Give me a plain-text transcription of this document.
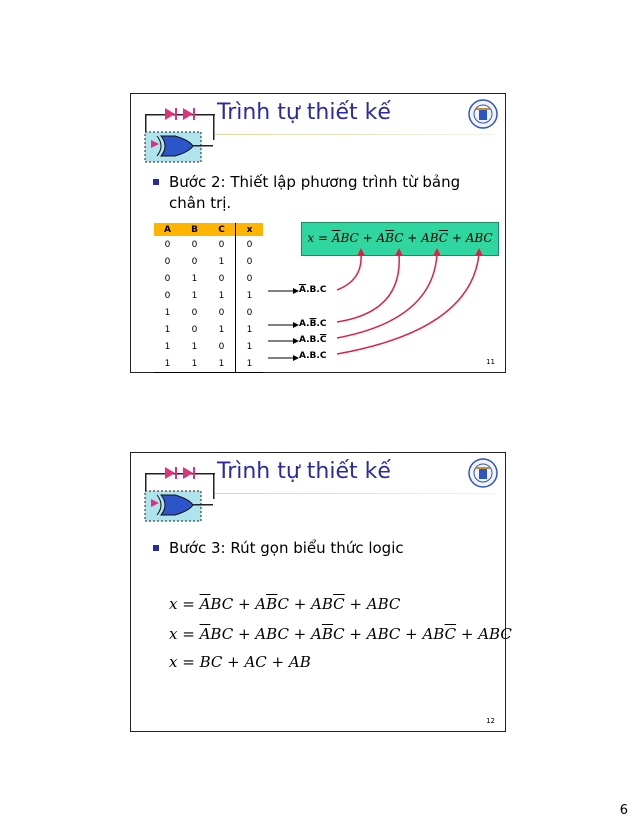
Trình tự thiết kế
Bước 2: Thiết lập phương trình từ bảng chân trị.
A	B	C	x
0	0	0	0
0	0	1	0
0	1	0	0
0	1	1	1
1	0	0	0
1	0	1	1
1	1	0	1
1	1	1	1
$x = \overline{A}BC + A\overline{B}C + AB\overline{C}$ + ABC
$\overline{A}.B.C$
$A.\overline{B}.C$
$A.B.\overline{C}$
A.B.C
11
Trình tự thiết kế
Bước 3: Rút gọn biểu thức logic
$x = \overline{A}BC + A\overline{B}C + AB\overline{C}$ + ABC
$x = \overline{A}BC$ + ABC + $A\overline{B}C$ + ABC + $AB\overline{C}$ + ABC
x = BC + AC + AB
12
6
